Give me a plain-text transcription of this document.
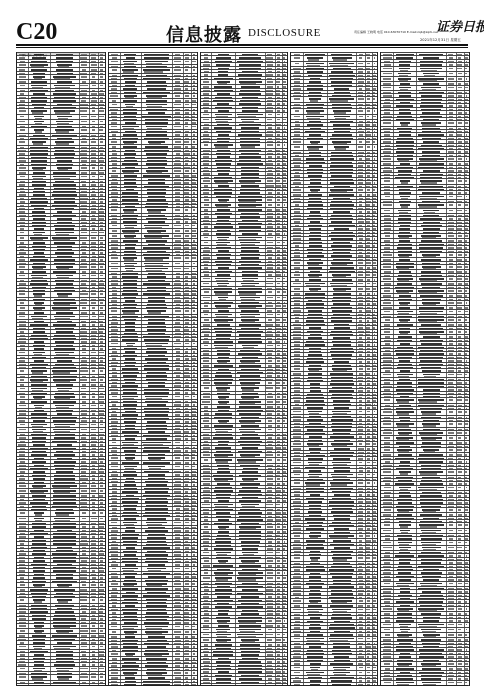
C20	信息披露 DISCLOSURE	责任编辑 王晓明 电话 010-63070710 E-mail:zqb@zqrb.net
证券日报
2021年12月31日 星期五
证券代码 公司名称 公告
